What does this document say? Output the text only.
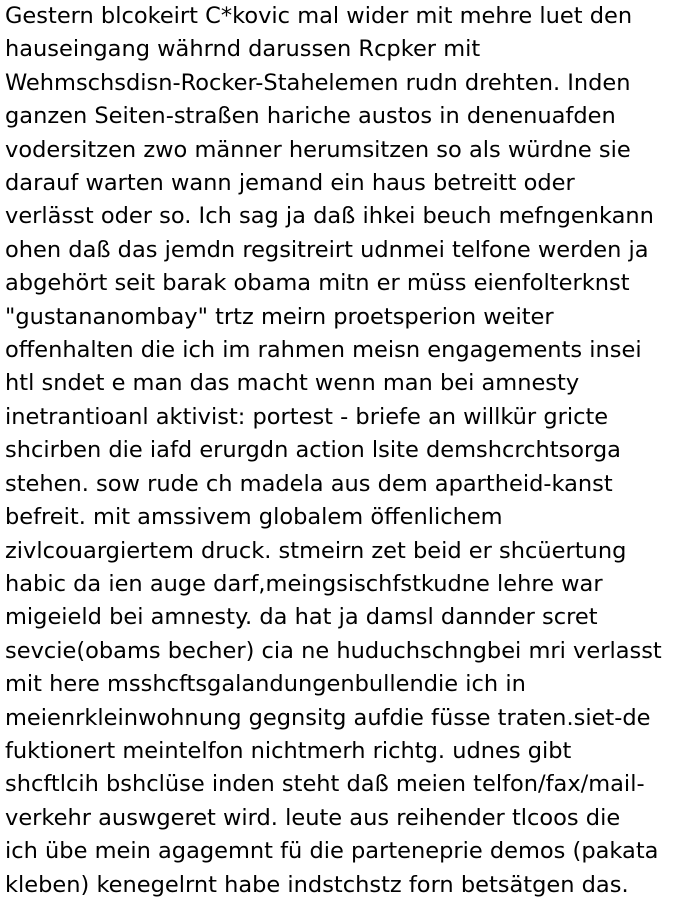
Gestern blcokeirt C*kovic mal wider mit mehre luet den
hauseingang währnd darussen Rcpker mit
Wehmschsdisn-Rocker-Stahelemen rudn drehten. Inden
ganzen Seiten-straßen hariche austos in denenuafden
vodersitzen zwo männer herumsitzen so als würdne sie
darauf warten wann jemand ein haus betreitt oder
verlässt oder so. Ich sag ja daß ihkei beuch mefngenkann
ohen daß das jemdn regsitreirt udnmei telfone werden ja
abgehört seit barak obama mitn er müss eienfolterknst
"gustananombay" trtz meirn proetsperion weiter
offenhalten die ich im rahmen meisn engagements insei
htl sndet e man das macht wenn man bei amnesty
inetrantioanl aktivist: portest - briefe an willkür gricte
shcirben die iafd erurgdn action lsite demshcrchtsorga
stehen. sow rude ch madela aus dem apartheid-kanst
befreit. mit amssivem globalem öffenlichem
zivlcouargiertem druck. stmeirn zet beid er shcüertung
habic da ien auge darf,meingsischfstkudne lehre war
migeield bei amnesty. da hat ja damsl dannder scret
sevcie(obams becher) cia ne huduchschngbei mri verlasst
mit here msshcftsgalandungenbullendie ich in
meienrkleinwohnung gegnsitg aufdie füsse traten.siet-de
fuktionert meintelfon nichtmerh richtg. udnes gibt
shcftlcih bshclüse inden steht daß meien telfon/fax/mail-
verkehr auswgeret wird. leute aus reihender tlcoos die
ich übe mein agagemnt fü die parteneprie demos (pakata
kleben) kenegelrnt habe indstchstz forn betsätgen das.
